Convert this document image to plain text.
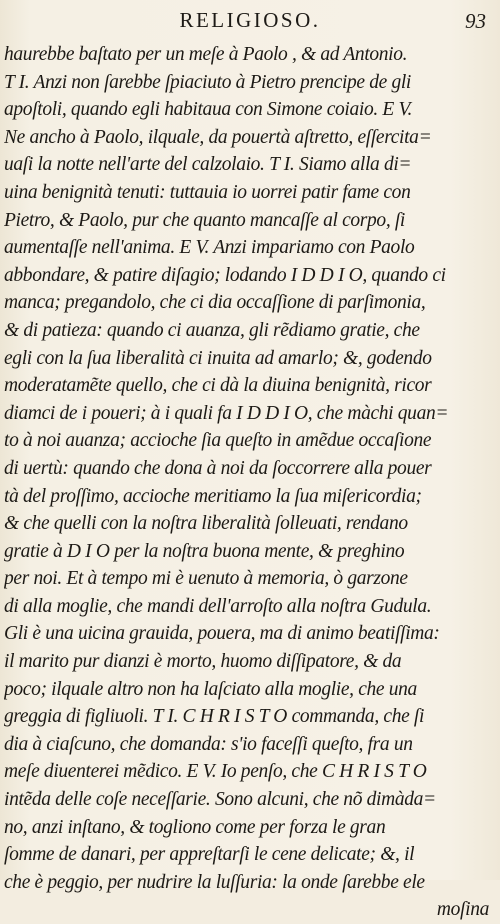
RELIGIOSO.	93
haurebbe baſtato per un meſe à Paolo , & ad Antonio.
T I. Anzi non ſarebbe ſpiaciuto à Pietro prencipe de gli
apoſtoli, quando egli habitaua con Simone coiaio. E V.
Ne ancho à Paolo, ilquale, da pouertà aſtretto, eſſercita=
uaſi la notte nell'arte del calzolaio. T I. Siamo alla di=
uina benignità tenuti: tuttauia io uorrei patir fame con
Pietro, & Paolo, pur che quanto mancaſſe al corpo, ſi
aumentaſſe nell'anima. E V. Anzi impariamo con Paolo
abbondare, & patire diſagio; lodando I D D I O, quando ci
manca; pregandolo, che ci dia occaſſione di parſimonia,
& di patieza: quando ci auanza, gli rẽdiamo gratie, che
egli con la ſua liberalità ci inuita ad amarlo; &, godendo
moderatamẽte quello, che ci dà la diuina benignità, ricor
diamci de i poueri; à i quali fa I D D I O, che màchi quan=
to à noi auanza; accioche ſia queſto in amẽdue occaſione
di uertù: quando che dona à noi da ſoccorrere alla pouer
tà del proſſimo, accioche meritiamo la ſua miſericordia;
& che quelli con la noſtra liberalità ſolleuati, rendano
gratie à D I O per la noſtra buona mente, & preghino
per noi. Et à tempo mi è uenuto à memoria, ò garzone
di alla moglie, che mandi dell'arroſto alla noſtra Gudula.
Gli è una uicina grauida, pouera, ma di animo beatiſſima:
il marito pur dianzi è morto, huomo diſſipatore, & da
poco; ilquale altro non ha laſciato alla moglie, che una
greggia di figliuoli. T I. C H R I S T O commanda, che ſi
dia à ciaſcuno, che domanda: s'io faceſſi queſto, fra un
meſe diuenterei mẽdico. E V. Io penſo, che C H R I S T O
intẽda delle coſe neceſſarie. Sono alcuni, che nõ dimàda=
no, anzi inſtano, & togliono come per forza le gran
ſomme de danari, per appreſtarſi le cene delicate; &, il
che è peggio, per nudrire la luſſuria: la onde ſarebbe ele
moſina
